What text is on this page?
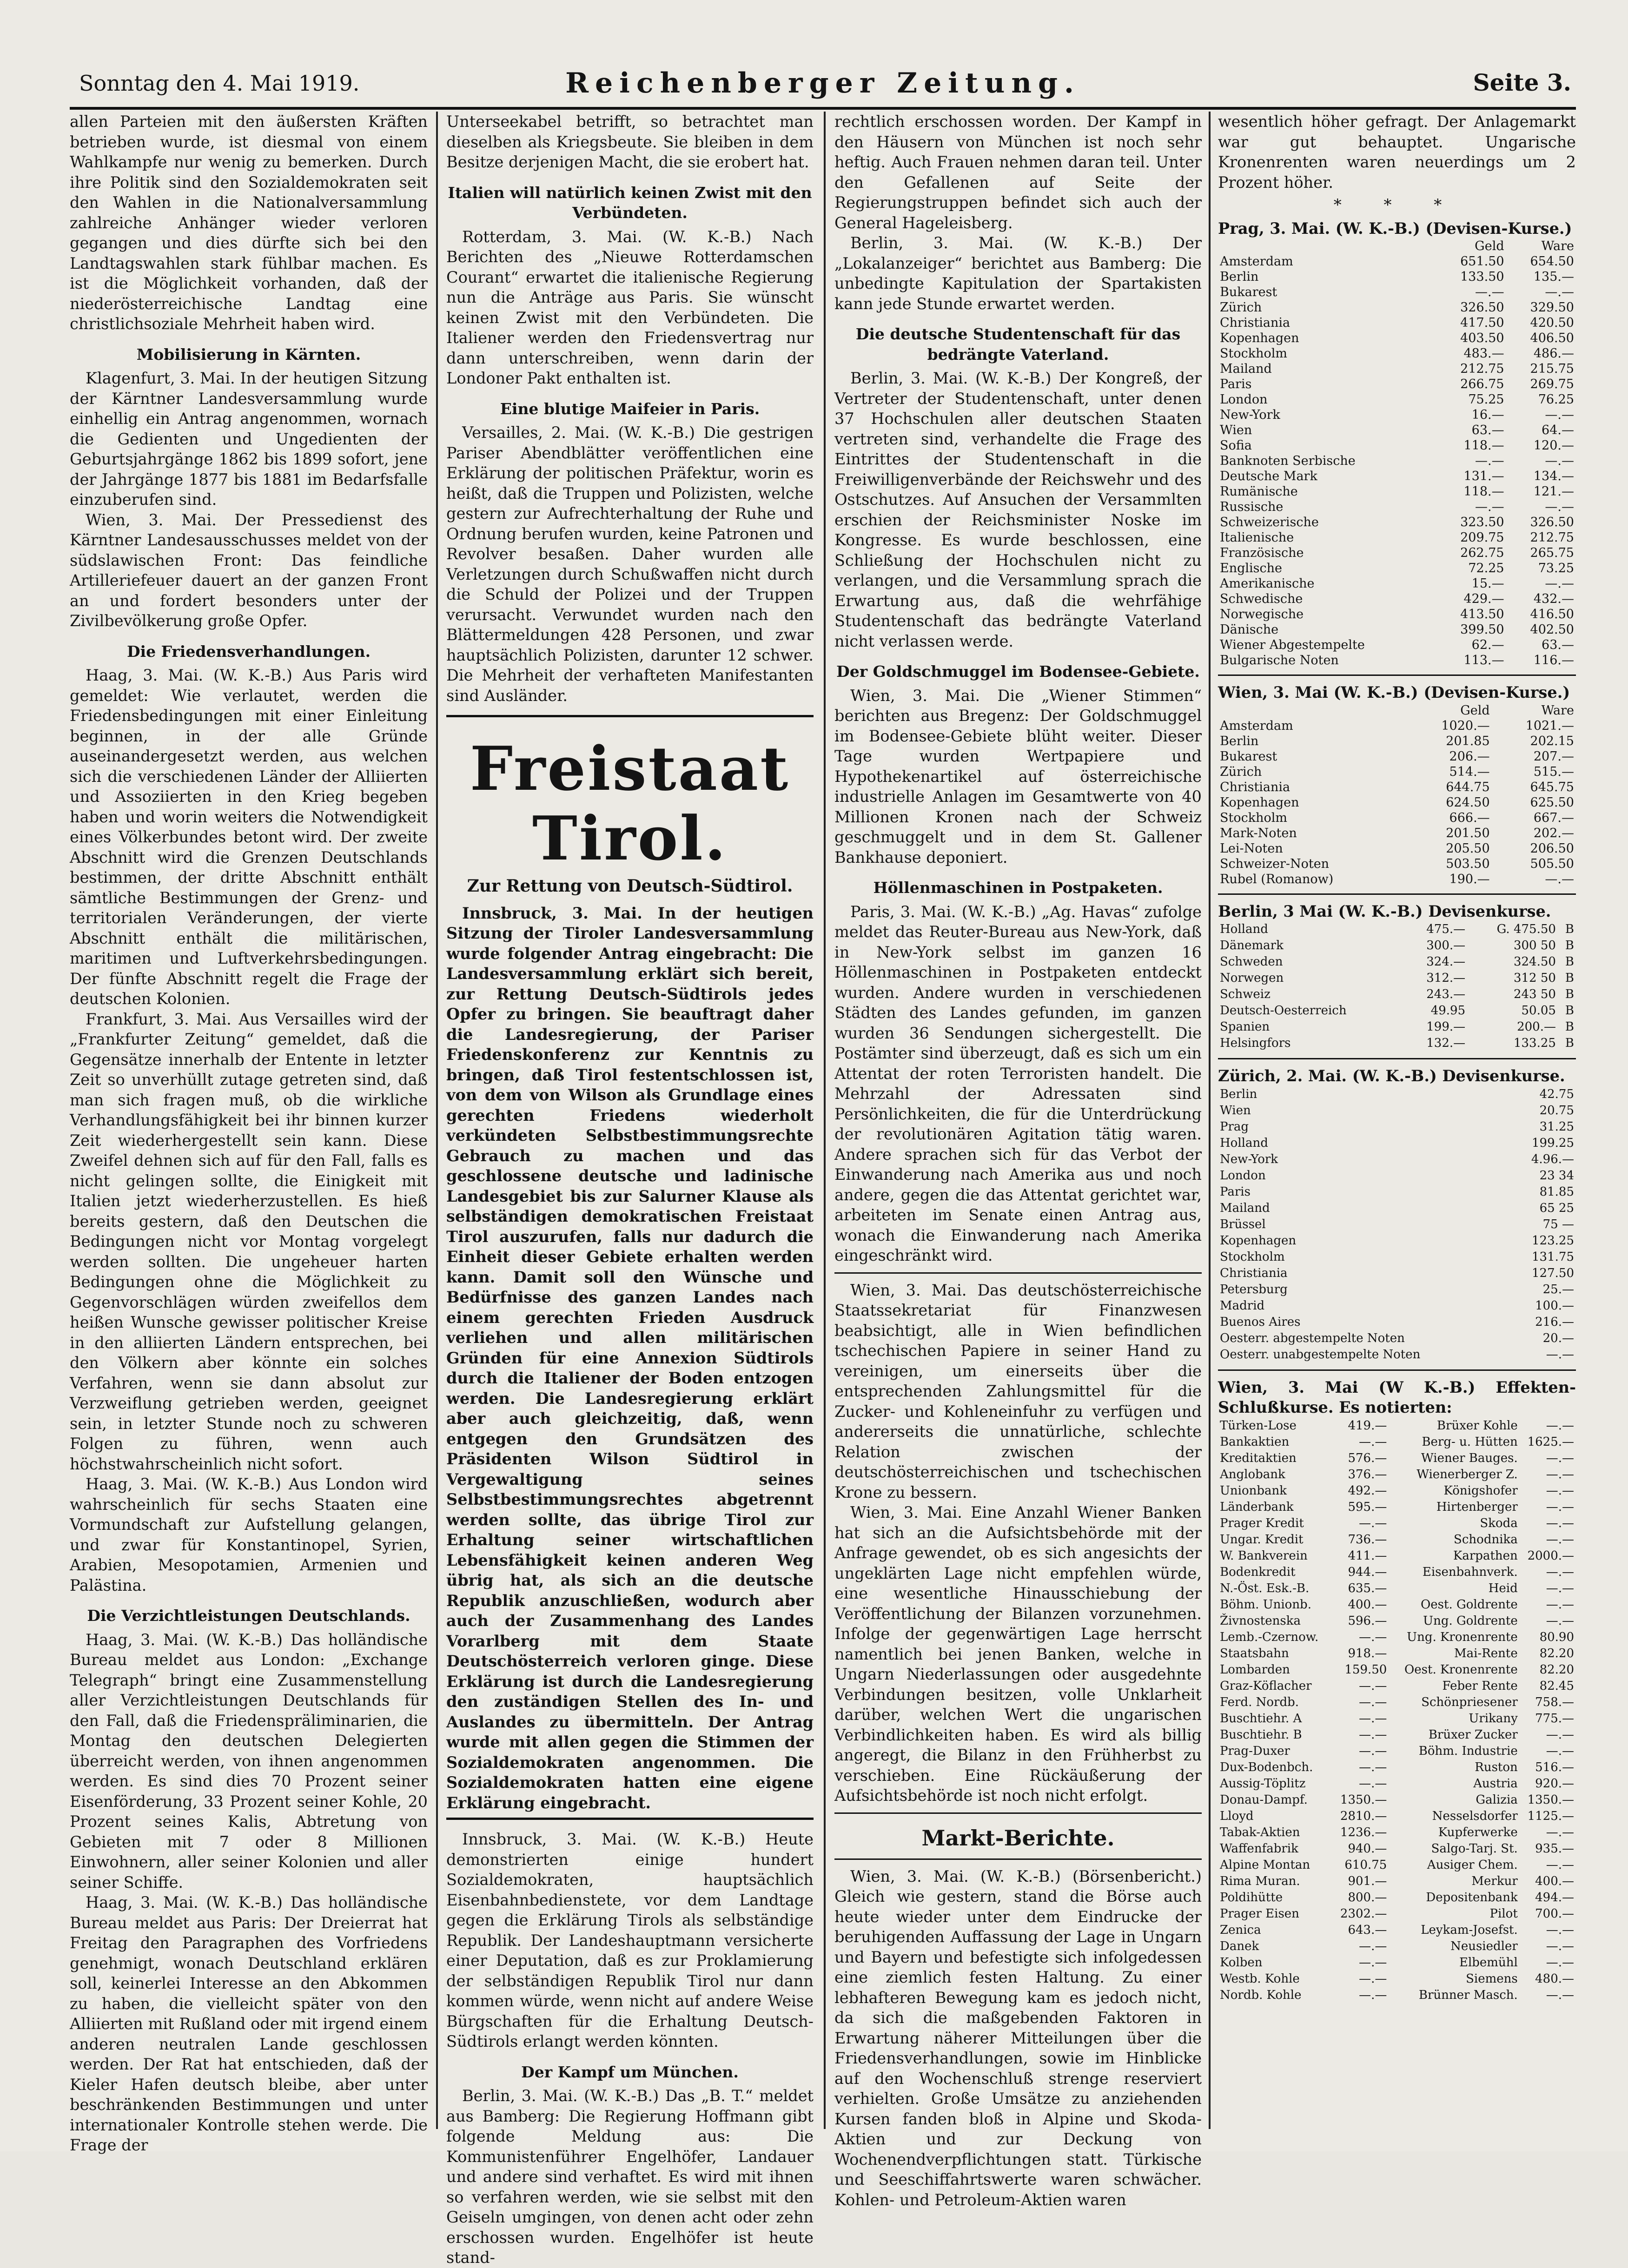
Sonntag den 4. Mai 1919.	Reichenberger Zeitung.	Seite 3.

allen Parteien mit den äußersten Kräften betrieben wurde, ist diesmal von einem Wahlkampfe nur wenig zu bemerken. Durch ihre Politik sind den Sozialdemokraten seit den Wahlen in die Nationalversammlung zahlreiche Anhänger wieder verloren gegangen und dies dürfte sich bei den Landtagswahlen stark fühlbar machen. Es ist die Möglichkeit vorhanden, daß der niederösterreichische Landtag eine christlichsoziale Mehrheit haben wird.

Mobilisierung in Kärnten.

Klagenfurt, 3. Mai. In der heutigen Sitzung der Kärntner Landesversammlung wurde einhellig ein Antrag angenommen, wornach die Gedienten und Ungedienten der Geburtsjahrgänge 1862 bis 1899 sofort, jene der Jahrgänge 1877 bis 1881 im Bedarfsfalle einzuberufen sind.

Wien, 3. Mai. Der Pressedienst des Kärntner Landesausschusses meldet von der südslawischen Front: Das feindliche Artilleriefeuer dauert an der ganzen Front an und fordert besonders unter der Zivilbevölkerung große Opfer.

Die Friedensverhandlungen.

Haag, 3. Mai. (W. K.-B.) Aus Paris wird gemeldet: Wie verlautet, werden die Friedensbedingungen mit einer Einleitung beginnen, in der alle Gründe auseinandergesetzt werden, aus welchen sich die verschiedenen Länder der Alliierten und Assoziierten in den Krieg begeben haben und worin weiters die Notwendigkeit eines Völkerbundes betont wird. Der zweite Abschnitt wird die Grenzen Deutschlands bestimmen, der dritte Abschnitt enthält sämtliche Bestimmungen der Grenz- und territorialen Veränderungen, der vierte Abschnitt enthält die militärischen, maritimen und Luftverkehrsbedingungen. Der fünfte Abschnitt regelt die Frage der deutschen Kolonien.

Frankfurt, 3. Mai. Aus Versailles wird der „Frankfurter Zeitung“ gemeldet, daß die Gegensätze innerhalb der Entente in letzter Zeit so unverhüllt zutage getreten sind, daß man sich fragen muß, ob die wirkliche Verhandlungsfähigkeit bei ihr binnen kurzer Zeit wiederhergestellt sein kann. Diese Zweifel dehnen sich auf für den Fall, falls es nicht gelingen sollte, die Einigkeit mit Italien jetzt wiederherzustellen. Es hieß bereits gestern, daß den Deutschen die Bedingungen nicht vor Montag vorgelegt werden sollten. Die ungeheuer harten Bedingungen ohne die Möglichkeit zu Gegenvorschlägen würden zweifellos dem heißen Wunsche gewisser politischer Kreise in den alliierten Ländern entsprechen, bei den Völkern aber könnte ein solches Verfahren, wenn sie dann absolut zur Verzweiflung getrieben werden, geeignet sein, in letzter Stunde noch zu schweren Folgen zu führen, wenn auch höchstwahrscheinlich nicht sofort.

Haag, 3. Mai. (W. K.-B.) Aus London wird wahrscheinlich für sechs Staaten eine Vormundschaft zur Aufstellung gelangen, und zwar für Konstantinopel, Syrien, Arabien, Mesopotamien, Armenien und Palästina.

Die Verzichtleistungen Deutschlands.

Haag, 3. Mai. (W. K.-B.) Das holländische Bureau meldet aus London: „Exchange Telegraph“ bringt eine Zusammenstellung aller Verzichtleistungen Deutschlands für den Fall, daß die Friedenspräliminarien, die Montag den deutschen Delegierten überreicht werden, von ihnen angenommen werden. Es sind dies 70 Prozent seiner Eisenförderung, 33 Prozent seiner Kohle, 20 Prozent seines Kalis, Abtretung von Gebieten mit 7 oder 8 Millionen Einwohnern, aller seiner Kolonien und aller seiner Schiffe.

Haag, 3. Mai. (W. K.-B.) Das holländische Bureau meldet aus Paris: Der Dreierrat hat Freitag den Paragraphen des Vorfriedens genehmigt, wonach Deutschland erklären soll, keinerlei Interesse an den Abkommen zu haben, die vielleicht später von den Alliierten mit Rußland oder mit irgend einem anderen neutralen Lande geschlossen werden. Der Rat hat entschieden, daß der Kieler Hafen deutsch bleibe, aber unter beschränkenden Bestimmungen und unter internationaler Kontrolle stehen werde. Die Frage der

Unterseekabel betrifft, so betrachtet man dieselben als Kriegsbeute. Sie bleiben in dem Besitze derjenigen Macht, die sie erobert hat.

Italien will natürlich keinen Zwist mit den Verbündeten.

Rotterdam, 3. Mai. (W. K.-B.) Nach Berichten des „Nieuwe Rotterdamschen Courant“ erwartet die italienische Regierung nun die Anträge aus Paris. Sie wünscht keinen Zwist mit den Verbündeten. Die Italiener werden den Friedensvertrag nur dann unterschreiben, wenn darin der Londoner Pakt enthalten ist.

Eine blutige Maifeier in Paris.

Versailles, 2. Mai. (W. K.-B.) Die gestrigen Pariser Abendblätter veröffentlichen eine Erklärung der politischen Präfektur, worin es heißt, daß die Truppen und Polizisten, welche gestern zur Aufrechterhaltung der Ruhe und Ordnung berufen wurden, keine Patronen und Revolver besaßen. Daher wurden alle Verletzungen durch Schußwaffen nicht durch die Schuld der Polizei und der Truppen verursacht. Verwundet wurden nach den Blättermeldungen 428 Personen, und zwar hauptsächlich Polizisten, darunter 12 schwer. Die Mehrheit der verhafteten Manifestanten sind Ausländer.

Freistaat Tirol.
Zur Rettung von Deutsch-Südtirol.

Innsbruck, 3. Mai. In der heutigen Sitzung der Tiroler Landesversammlung wurde folgender Antrag eingebracht: Die Landesversammlung erklärt sich bereit, zur Rettung Deutsch-Südtirols jedes Opfer zu bringen. Sie beauftragt daher die Landesregierung, der Pariser Friedenskonferenz zur Kenntnis zu bringen, daß Tirol festentschlossen ist, von dem von Wilson als Grundlage eines gerechten Friedens wiederholt verkündeten Selbstbestimmungsrechte Gebrauch zu machen und das geschlossene deutsche und ladinische Landesgebiet bis zur Salurner Klause als selbständigen demokratischen Freistaat Tirol auszurufen, falls nur dadurch die Einheit dieser Gebiete erhalten werden kann. Damit soll den Wünsche und Bedürfnisse des ganzen Landes nach einem gerechten Frieden Ausdruck verliehen und allen militärischen Gründen für eine Annexion Südtirols durch die Italiener der Boden entzogen werden. Die Landesregierung erklärt aber auch gleichzeitig, daß, wenn entgegen den Grundsätzen des Präsidenten Wilson Südtirol in Vergewaltigung seines Selbstbestimmungsrechtes abgetrennt werden sollte, das übrige Tirol zur Erhaltung seiner wirtschaftlichen Lebensfähigkeit keinen anderen Weg übrig hat, als sich an die deutsche Republik anzuschließen, wodurch aber auch der Zusammenhang des Landes Vorarlberg mit dem Staate Deutschösterreich verloren ginge. Diese Erklärung ist durch die Landesregierung den zuständigen Stellen des In- und Auslandes zu übermitteln. Der Antrag wurde mit allen gegen die Stimmen der Sozialdemokraten angenommen. Die Sozialdemokraten hatten eine eigene Erklärung eingebracht.

Innsbruck, 3. Mai. (W. K.-B.) Heute demonstrierten einige hundert Sozialdemokraten, hauptsächlich Eisenbahnbedienstete, vor dem Landtage gegen die Erklärung Tirols als selbständige Republik. Der Landeshauptmann versicherte einer Deputation, daß es zur Proklamierung der selbständigen Republik Tirol nur dann kommen würde, wenn nicht auf andere Weise Bürgschaften für die Erhaltung Deutsch-Südtirols erlangt werden könnten.

Der Kampf um München.

Berlin, 3. Mai. (W. K.-B.) Das „B. T.“ meldet aus Bamberg: Die Regierung Hoffmann gibt folgende Meldung aus: Die Kommunistenführer Engelhöfer, Landauer und andere sind verhaftet. Es wird mit ihnen so verfahren werden, wie sie selbst mit den Geiseln umgingen, von denen acht oder zehn erschossen wurden. Engelhöfer ist heute stand-

rechtlich erschossen worden. Der Kampf in den Häusern von München ist noch sehr heftig. Auch Frauen nehmen daran teil. Unter den Gefallenen auf Seite der Regierungstruppen befindet sich auch der General Hageleisberg.

Berlin, 3. Mai. (W. K.-B.) Der „Lokalanzeiger“ berichtet aus Bamberg: Die unbedingte Kapitulation der Spartakisten kann jede Stunde erwartet werden.

Die deutsche Studentenschaft für das bedrängte Vaterland.

Berlin, 3. Mai. (W. K.-B.) Der Kongreß, der Vertreter der Studentenschaft, unter denen 37 Hochschulen aller deutschen Staaten vertreten sind, verhandelte die Frage des Eintrittes der Studentenschaft in die Freiwilligenverbände der Reichswehr und des Ostschutzes. Auf Ansuchen der Versammlten erschien der Reichsminister Noske im Kongresse. Es wurde beschlossen, eine Schließung der Hochschulen nicht zu verlangen, und die Versammlung sprach die Erwartung aus, daß die wehrfähige Studentenschaft das bedrängte Vaterland nicht verlassen werde.

Der Goldschmuggel im Bodensee-Gebiete.

Wien, 3. Mai. Die „Wiener Stimmen“ berichten aus Bregenz: Der Goldschmuggel im Bodensee-Gebiete blüht weiter. Dieser Tage wurden Wertpapiere und Hypothekenartikel auf österreichische industrielle Anlagen im Gesamtwerte von 40 Millionen Kronen nach der Schweiz geschmuggelt und in dem St. Gallener Bankhause deponiert.

Höllenmaschinen in Postpaketen.

Paris, 3. Mai. (W. K.-B.) „Ag. Havas“ zufolge meldet das Reuter-Bureau aus New-York, daß in New-York selbst im ganzen 16 Höllenmaschinen in Postpaketen entdeckt wurden. Andere wurden in verschiedenen Städten des Landes gefunden, im ganzen wurden 36 Sendungen sichergestellt. Die Postämter sind überzeugt, daß es sich um ein Attentat der roten Terroristen handelt. Die Mehrzahl der Adressaten sind Persönlichkeiten, die für die Unterdrückung der revolutionären Agitation tätig waren. Andere sprachen sich für das Verbot der Einwanderung nach Amerika aus und noch andere, gegen die das Attentat gerichtet war, arbeiteten im Senate einen Antrag aus, wonach die Einwanderung nach Amerika eingeschränkt wird.

Wien, 3. Mai. Das deutschösterreichische Staatssekretariat für Finanzwesen beabsichtigt, alle in Wien befindlichen tschechischen Papiere in seiner Hand zu vereinigen, um einerseits über die entsprechenden Zahlungsmittel für die Zucker- und Kohleneinfuhr zu verfügen und andererseits die unnatürliche, schlechte Relation zwischen der deutschösterreichischen und tschechischen Krone zu bessern.

Wien, 3. Mai. Eine Anzahl Wiener Banken hat sich an die Aufsichtsbehörde mit der Anfrage gewendet, ob es sich angesichts der ungeklärten Lage nicht empfehlen würde, eine wesentliche Hinausschiebung der Veröffentlichung der Bilanzen vorzunehmen. Infolge der gegenwärtigen Lage herrscht namentlich bei jenen Banken, welche in Ungarn Niederlassungen oder ausgedehnte Verbindungen besitzen, volle Unklarheit darüber, welchen Wert die ungarischen Verbindlichkeiten haben. Es wird als billig angeregt, die Bilanz in den Frühherbst zu verschieben. Eine Rückäußerung der Aufsichtsbehörde ist noch nicht erfolgt.

Markt-Berichte.

Wien, 3. Mai. (W. K.-B.) (Börsenbericht.) Gleich wie gestern, stand die Börse auch heute wieder unter dem Eindrucke der beruhigenden Auffassung der Lage in Ungarn und Bayern und befestigte sich infolgedessen eine ziemlich festen Haltung. Zu einer lebhafteren Bewegung kam es jedoch nicht, da sich die maßgebenden Faktoren in Erwartung näherer Mitteilungen über die Friedensverhandlungen, sowie im Hinblicke auf den Wochenschluß strenge reserviert verhielten. Große Umsätze zu anziehenden Kursen fanden bloß in Alpine und Skoda-Aktien und zur Deckung von Wochenendverpflichtungen statt. Türkische und Seeschiffahrtswerte waren schwächer. Kohlen- und Petroleum-Aktien waren

wesentlich höher gefragt. Der Anlagemarkt war gut behauptet. Ungarische Kronenrenten waren neuerdings um 2 Prozent höher.

* * *

Prag, 3. Mai. (W. K.-B.) (Devisen-Kurse.)

	Geld	Ware
Amsterdam	651.50	654.50
Berlin	133.50	135.—
Bukarest	—.—	—.—
Zürich	326.50	329.50
Christiania	417.50	420.50
Kopenhagen	403.50	406.50
Stockholm	483.—	486.—
Mailand	212.75	215.75
Paris	266.75	269.75
London	75.25	76.25
New-York	16.—	—.—
Wien	63.—	64.—
Sofia	118.—	120.—
Banknoten Serbische	—.—	—.—
Deutsche Mark	131.—	134.—
Rumänische	118.—	121.—
Russische	—.—	—.—
Schweizerische	323.50	326.50
Italienische	209.75	212.75
Französische	262.75	265.75
Englische	72.25	73.25
Amerikanische	15.—	—.—
Schwedische	429.—	432.—
Norwegische	413.50	416.50
Dänische	399.50	402.50
Wiener Abgestempelte	62.—	63.—
Bulgarische Noten	113.—	116.—

Wien, 3. Mai (W. K.-B.) (Devisen-Kurse.)

	Geld	Ware
Amsterdam	1020.—	1021.—
Berlin	201.85	202.15
Bukarest	206.—	207.—
Zürich	514.—	515.—
Christiania	644.75	645.75
Kopenhagen	624.50	625.50
Stockholm	666.—	667.—
Mark-Noten	201.50	202.—
Lei-Noten	205.50	206.50
Schweizer-Noten	503.50	505.50
Rubel (Romanow)	190.—	—.—

Berlin, 3 Mai (W. K.-B.) Devisenkurse.

Holland	475.—	G. 475.50	B
Dänemark	300.—	300 50	B
Schweden	324.—	324.50	B
Norwegen	312.—	312 50	B
Schweiz	243.—	243 50	B
Deutsch-Oesterreich	49.95	50.05	B
Spanien	199.—	200.—	B
Helsingfors	132.—	133.25	B

Zürich, 2. Mai. (W. K.-B.) Devisenkurse.

Berlin	42.75
Wien	20.75
Prag	31.25
Holland	199.25
New-York	4.96.—
London	23 34
Paris	81.85
Mailand	65 25
Brüssel	75 —
Kopenhagen	123.25
Stockholm	131.75
Christiania	127.50
Petersburg	25.—
Madrid	100.—
Buenos Aires	216.—
Oesterr. abgestempelte Noten	20.—
Oesterr. unabgestempelte Noten	—.—

Wien, 3. Mai (W K.-B.) Effekten-Schlußkurse. Es notierten:

Türken-Lose	419.—	Brüxer Kohle	—.—
Bankaktien	—.—	Berg- u. Hütten	1625.—
Kreditaktien	576.—	Wiener Bauges.	—.—
Anglobank	376.—	Wienerberger Z.	—.—
Unionbank	492.—	Königshofer	—.—
Länderbank	595.—	Hirtenberger	—.—
Prager Kredit	—.—	Skoda	—.—
Ungar. Kredit	736.—	Schodnika	—.—
W. Bankverein	411.—	Karpathen	2000.—
Bodenkredit	944.—	Eisenbahnverk.	—.—
N.-Öst. Esk.-B.	635.—	Heid	—.—
Böhm. Unionb.	400.—	Oest. Goldrente	—.—
Živnostenska	596.—	Ung. Goldrente	—.—
Lemb.-Czernow.	—.—	Ung. Kronenrente	80.90
Staatsbahn	918.—	Mai-Rente	82.20
Lombarden	159.50	Oest. Kronenrente	82.20
Graz-Köflacher	—.—	Feber Rente	82.45
Ferd. Nordb.	—.—	Schönpriesener	758.—
Buschtiehr. A	—.—	Urikany	775.—
Buschtiehr. B	—.—	Brüxer Zucker	—.—
Prag-Duxer	—.—	Böhm. Industrie	—.—
Dux-Bodenbch.	—.—	Ruston	516.—
Aussig-Töplitz	—.—	Austria	920.—
Donau-Dampf.	1350.—	Galizia	1350.—
Lloyd	2810.—	Nesselsdorfer	1125.—
Tabak-Aktien	1236.—	Kupferwerke	—.—
Waffenfabrik	940.—	Salgo-Tarj. St.	935.—
Alpine Montan	610.75	Ausiger Chem.	—.—
Rima Muran.	901.—	Merkur	400.—
Poldihütte	800.—	Depositenbank	494.—
Prager Eisen	2302.—	Pilot	700.—
Zenica	643.—	Leykam-Josefst.	—.—
Danek	—.—	Neusiedler	—.—
Kolben	—.—	Elbemühl	—.—
Westb. Kohle	—.—	Siemens	480.—
Nordb. Kohle	—.—	Brünner Masch.	—.—
